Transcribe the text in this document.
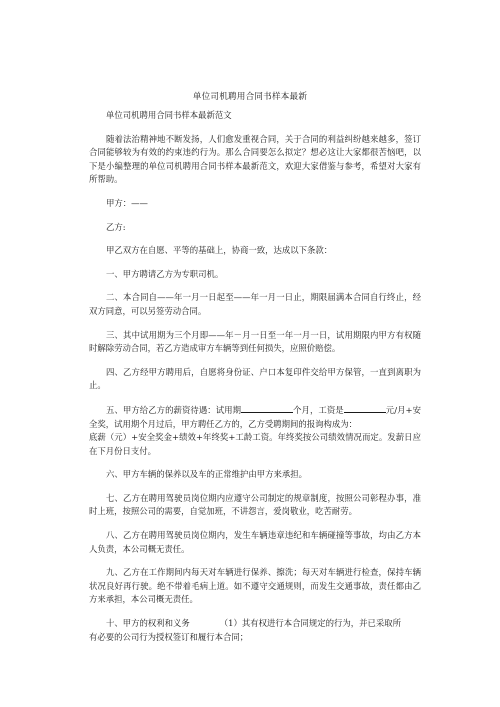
单位司机聘用合同书样本最新

单位司机聘用合同书样本最新范文

随着法治精神地不断发扬，人们愈发重视合同，关于合同的利益纠纷越来越多，签订合同能够较为有效的约束违约行为。那么合同要怎么拟定？想必这让大家都很苦恼吧，以下是小编整理的单位司机聘用合同书样本最新范文，欢迎大家借鉴与参考，希望对大家有所帮助。

甲方：——

乙方:

甲乙双方在自愿、平等的基础上，协商一致，达成以下条款：

一、甲方聘请乙方为专职司机。

二、本合同自——年一月一日起至——年一月一日止，期限届满本合同自行终止，经双方同意，可以另签劳动合同。

三、其中试用期为三个月即——年－月一日至一年一月一日，试用期限内甲方有权随时解除劳动合同，若乙方造成审方车辆等到任何损失，应照价赔偿。

四、乙方经甲方聘用后，自愿将身份证、户口本复印件交给甲方保管，一直到离职为止。

五、甲方给乙方的薪资待遇：试用期	个月，工资是	元/月+安全奖，试用期个月过后，甲方聘任乙方的，乙方受聘期间的报询构成为：

底薪（元）+安全奖金+绩效+年终奖+工龄工资。年终奖按公司绩效情况而定。发薪日应在下月份日支付。

六、甲方车辆的保养以及车的正常维护由甲方来承担。

七、乙方在聘用驾驶员岗位期内应遵守公司制定的规章制度，按照公司彰程办事，准时上班，按照公司的需要，自觉加班，不讲怨言，爱岗敬业，吃苦耐劳。

八、乙方在聘用驾驶员岗位期内，发生车辆违章违纪和车辆碰撞等事故，均由乙方本人负责，本公司概无责任。

九、乙方在工作期间内每天对车辆进行保养、擦洗；每天对车辆进行检查，保持车辆状况良好再行驶。绝不带着毛病上道。如不遵守交通规则，而发生交通事故，责任都由乙方来承担，本公司概无责任。

十、甲方的权利和义务	（1）其有权进行本合同规定的行为，并已采取所

有必要的公司行为授权签订和履行本合同；
